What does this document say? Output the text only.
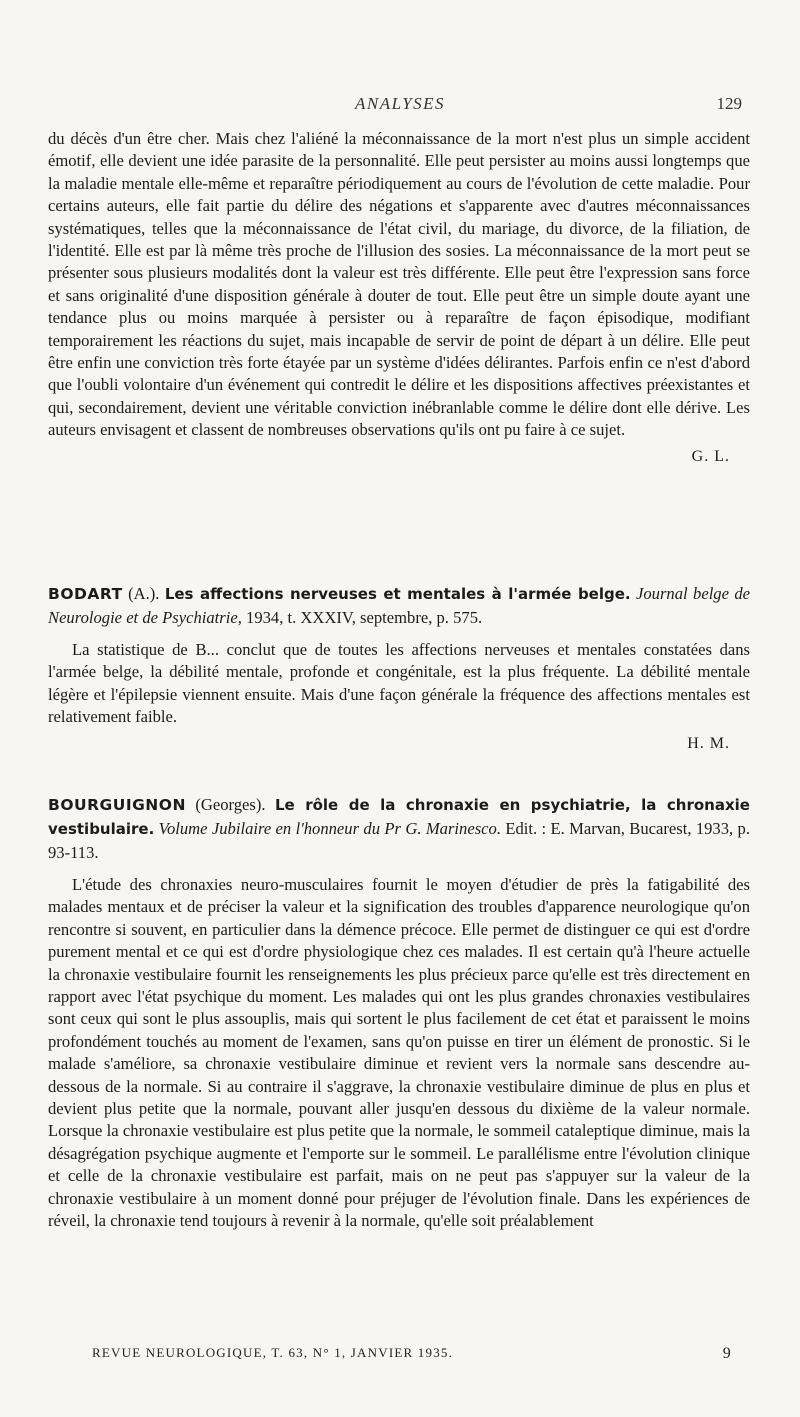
ANALYSES	129

du décès d'un être cher. Mais chez l'aliéné la méconnaissance de la mort n'est plus un simple accident émotif, elle devient une idée parasite de la personnalité. Elle peut persister au moins aussi longtemps que la maladie mentale elle-même et reparaître périodiquement au cours de l'évolution de cette maladie. Pour certains auteurs, elle fait partie du délire des négations et s'apparente avec d'autres méconnaissances systématiques, telles que la méconnaissance de l'état civil, du mariage, du divorce, de la filiation, de l'identité. Elle est par là même très proche de l'illusion des sosies. La méconnaissance de la mort peut se présenter sous plusieurs modalités dont la valeur est très différente. Elle peut être l'expression sans force et sans originalité d'une disposition générale à douter de tout. Elle peut être un simple doute ayant une tendance plus ou moins marquée à persister ou à reparaître de façon épisodique, modifiant temporairement les réactions du sujet, mais incapable de servir de point de départ à un délire. Elle peut être enfin une conviction très forte étayée par un système d'idées délirantes. Parfois enfin ce n'est d'abord que l'oubli volontaire d'un événement qui contredit le délire et les dispositions affectives préexistantes et qui, secondairement, devient une véritable conviction inébranlable comme le délire dont elle dérive. Les auteurs envisagent et classent de nombreuses observations qu'ils ont pu faire à ce sujet.

G. L.

BODART (A.). Les affections nerveuses et mentales à l'armée belge. Journal belge de Neurologie et de Psychiatrie, 1934, t. XXXIV, septembre, p. 575.

La statistique de B... conclut que de toutes les affections nerveuses et mentales constatées dans l'armée belge, la débilité mentale, profonde et congénitale, est la plus fréquente. La débilité mentale légère et l'épilepsie viennent ensuite. Mais d'une façon générale la fréquence des affections mentales est relativement faible.

H. M.

BOURGUIGNON (Georges). Le rôle de la chronaxie en psychiatrie, la chronaxie vestibulaire. Volume Jubilaire en l'honneur du Pr G. Marinesco. Edit. : E. Marvan, Bucarest, 1933, p. 93-113.

L'étude des chronaxies neuro-musculaires fournit le moyen d'étudier de près la fatigabilité des malades mentaux et de préciser la valeur et la signification des troubles d'apparence neurologique qu'on rencontre si souvent, en particulier dans la démence précoce. Elle permet de distinguer ce qui est d'ordre purement mental et ce qui est d'ordre physiologique chez ces malades. Il est certain qu'à l'heure actuelle la chronaxie vestibulaire fournit les renseignements les plus précieux parce qu'elle est très directement en rapport avec l'état psychique du moment. Les malades qui ont les plus grandes chronaxies vestibulaires sont ceux qui sont le plus assouplis, mais qui sortent le plus facilement de cet état et paraissent le moins profondément touchés au moment de l'examen, sans qu'on puisse en tirer un élément de pronostic. Si le malade s'améliore, sa chronaxie vestibulaire diminue et revient vers la normale sans descendre au-dessous de la normale. Si au contraire il s'aggrave, la chronaxie vestibulaire diminue de plus en plus et devient plus petite que la normale, pouvant aller jusqu'en dessous du dixième de la valeur normale. Lorsque la chronaxie vestibulaire est plus petite que la normale, le sommeil cataleptique diminue, mais la désagrégation psychique augmente et l'emporte sur le sommeil. Le parallélisme entre l'évolution clinique et celle de la chronaxie vestibulaire est parfait, mais on ne peut pas s'appuyer sur la valeur de la chronaxie vestibulaire à un moment donné pour préjuger de l'évolution finale. Dans les expériences de réveil, la chronaxie tend toujours à revenir à la normale, qu'elle soit préalablement

REVUE NEUROLOGIQUE, T. 63, N° 1, JANVIER 1935.	9
